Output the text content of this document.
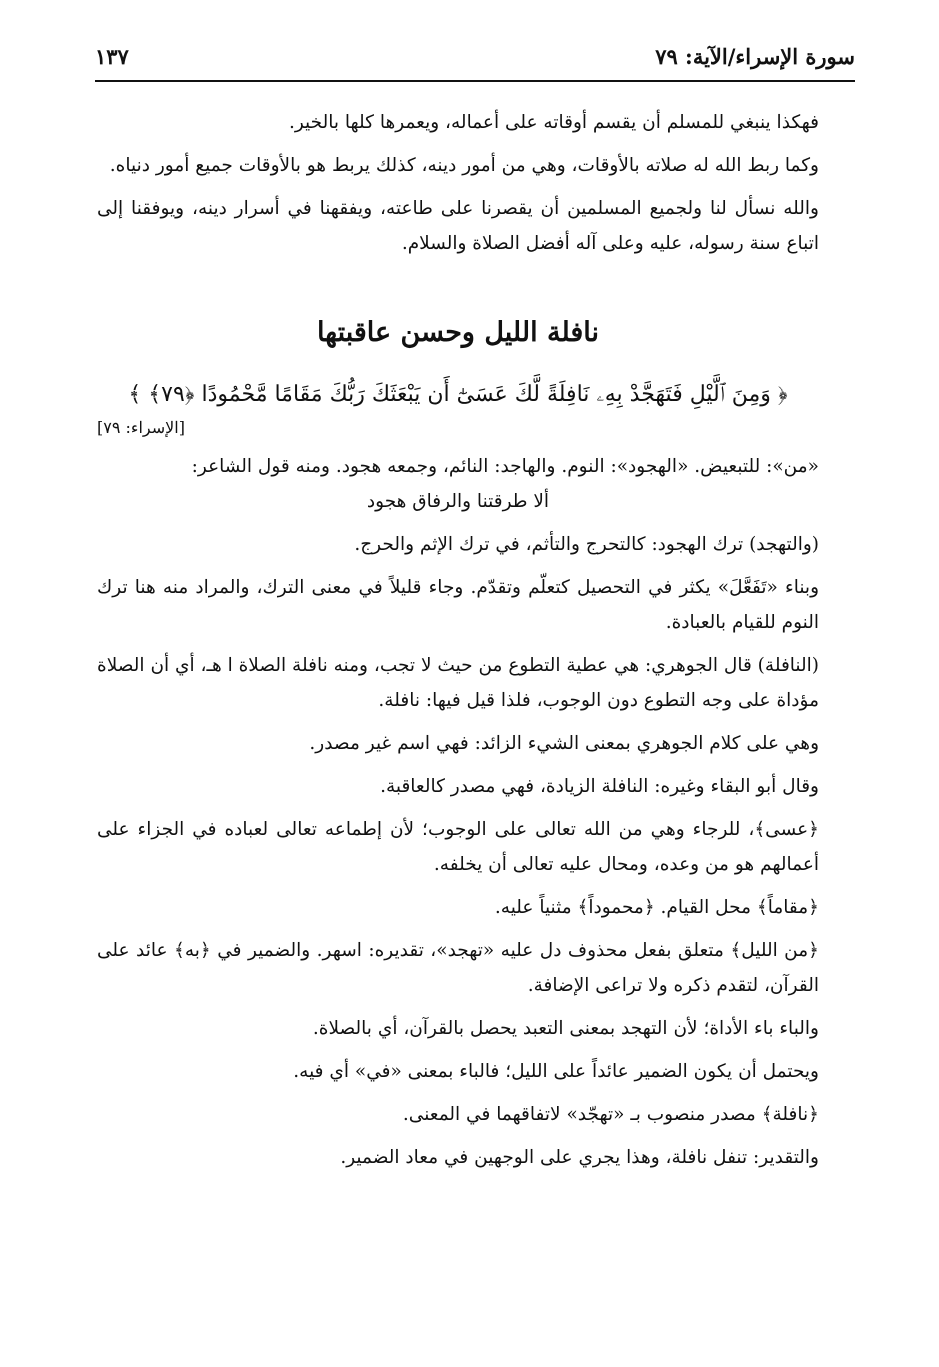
سورة الإسراء/الآية: ٧٩
١٣٧

فهكذا ينبغي للمسلم أن يقسم أوقاته على أعماله، ويعمرها كلها بالخير.

وكما ربط الله له صلاته بالأوقات، وهي من أمور دينه، كذلك يربط هو بالأوقات جميع أمور دنياه.

والله نسأل لنا ولجميع المسلمين أن يقصرنا على طاعته، ويفقهنا في أسرار دينه، ويوفقنا إلى اتباع سنة رسوله، عليه وعلى آله أفضل الصلاة والسلام.

نافلة الليل وحسن عاقبتها

﴿ وَمِنَ ٱلَّيْلِ فَتَهَجَّدْ بِهِۦ نَافِلَةً لَّكَ عَسَىٰٓ أَن يَبْعَثَكَ رَبُّكَ مَقَامًا مَّحْمُودًا ﴿٧٩﴾ ﴾

[الإسراء: ٧٩]

«من»: للتبعيض. «الهجود»: النوم. والهاجد: النائم، وجمعه هجود. ومنه قول الشاعر:

ألا طرقتنا والرفاق هجود

(والتهجد) ترك الهجود: كالتحرج والتأثم، في ترك الإثم والحرج.

وبناء «تَفَعَّلَ» يكثر في التحصيل كتعلّم وتقدّم. وجاء قليلاً في معنى الترك، والمراد منه هنا ترك النوم للقيام بالعبادة.

(النافلة) قال الجوهري: هي عطية التطوع من حيث لا تجب، ومنه نافلة الصلاة ا هـ، أي أن الصلاة مؤداة على وجه التطوع دون الوجوب، فلذا قيل فيها: نافلة.

وهي على كلام الجوهري بمعنى الشيء الزائد: فهي اسم غير مصدر.

وقال أبو البقاء وغيره: النافلة الزيادة، فهي مصدر كالعاقبة.

﴿عسى﴾، للرجاء وهي من الله تعالى على الوجوب؛ لأن إطماعه تعالى لعباده في الجزاء على أعمالهم هو من وعده، ومحال عليه تعالى أن يخلفه.

﴿مقاماً﴾ محل القيام. ﴿محموداً﴾ مثنياً عليه.

﴿من الليل﴾ متعلق بفعل محذوف دل عليه «تهجد»، تقديره: اسهر. والضمير في ﴿به﴾ عائد على القرآن، لتقدم ذكره ولا تراعى الإضافة.

والباء باء الأداة؛ لأن التهجد بمعنى التعبد يحصل بالقرآن، أي بالصلاة.

ويحتمل أن يكون الضمير عائداً على الليل؛ فالباء بمعنى «في» أي فيه.

﴿نافلة﴾ مصدر منصوب بـ «تهجّد» لاتفاقهما في المعنى.

والتقدير: تنفل نافلة، وهذا يجري على الوجهين في معاد الضمير.
